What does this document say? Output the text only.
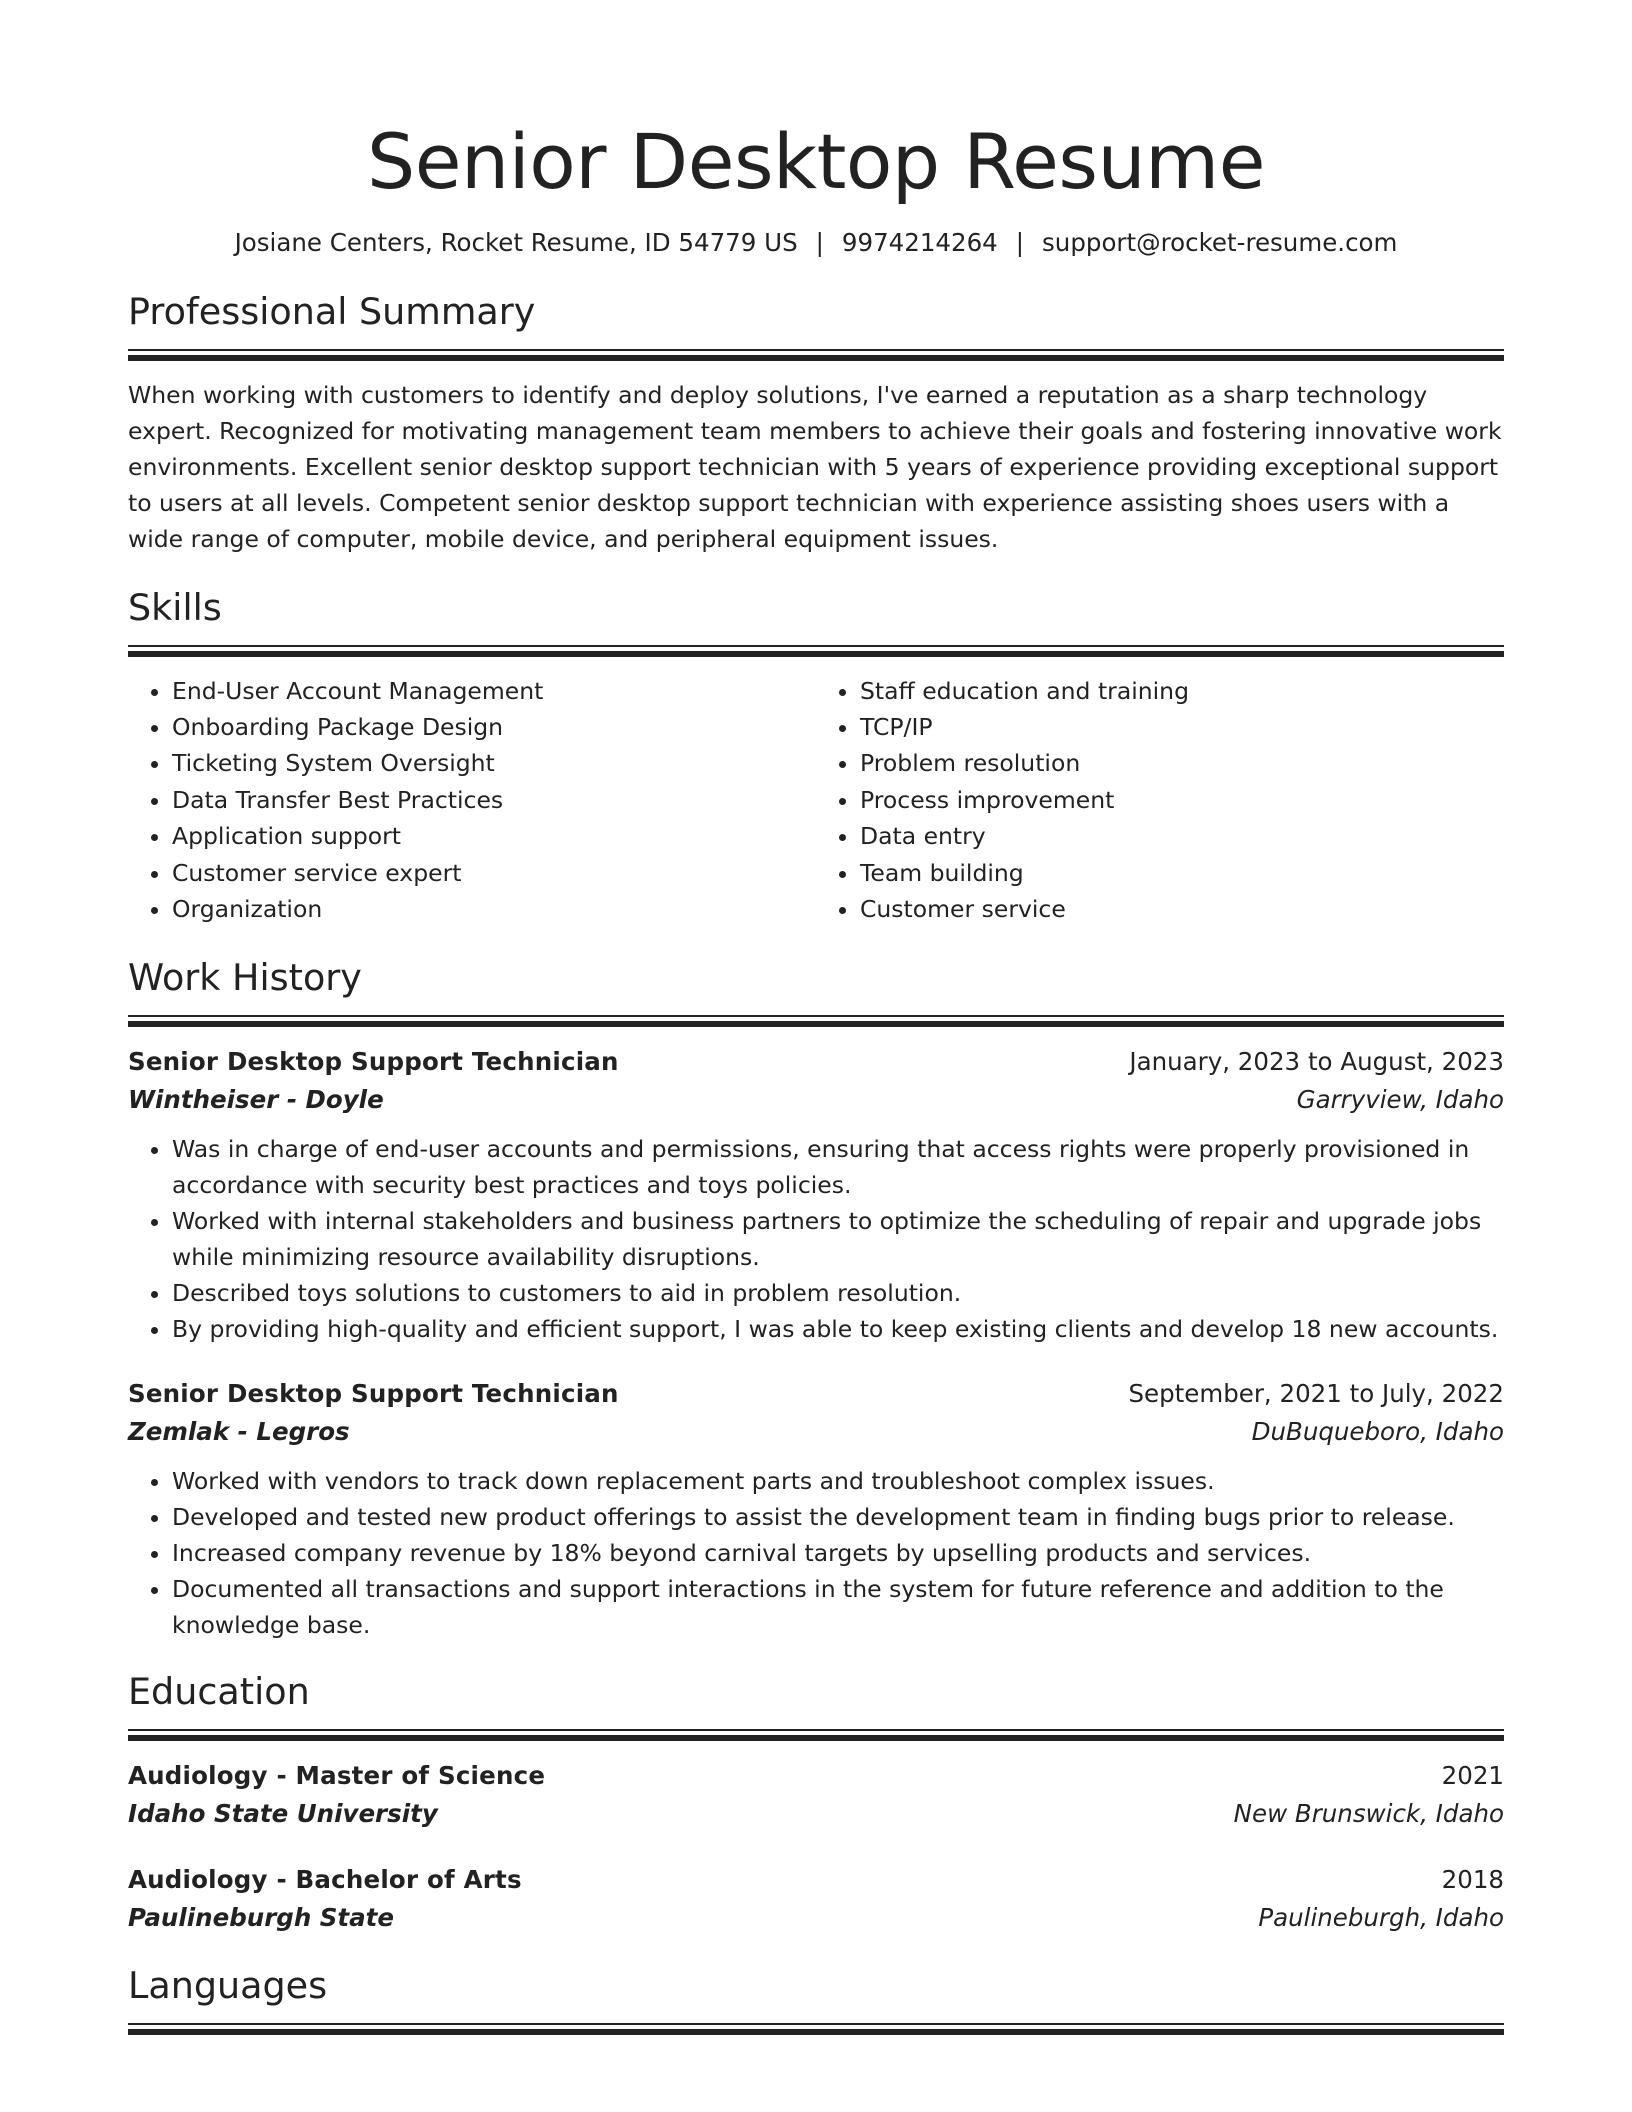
Senior Desktop Resume
Josiane Centers, Rocket Resume, ID 54779 US | 9974214264 | support@rocket-resume.com
Professional Summary

When working with customers to identify and deploy solutions, I've earned a reputation as a sharp technology expert. Recognized for motivating management team members to achieve their goals and fostering innovative work environments. Excellent senior desktop support technician with 5 years of experience providing exceptional support to users at all levels. Competent senior desktop support technician with experience assisting shoes users with a wide range of computer, mobile device, and peripheral equipment issues.

Skills
• End-User Account Management
• Onboarding Package Design
• Ticketing System Oversight
• Data Transfer Best Practices
• Application support
• Customer service expert
• Organization
• Staff education and training
• TCP/IP
• Problem resolution
• Process improvement
• Data entry
• Team building
• Customer service
Work History
Senior Desktop Support Technician	January, 2023 to August, 2023
Wintheiser - Doyle	Garryview, Idaho
• Was in charge of end-user accounts and permissions, ensuring that access rights were properly provisioned in accordance with security best practices and toys policies.
• Worked with internal stakeholders and business partners to optimize the scheduling of repair and upgrade jobs while minimizing resource availability disruptions.
• Described toys solutions to customers to aid in problem resolution.
• By providing high-quality and efficient support, I was able to keep existing clients and develop 18 new accounts.
Senior Desktop Support Technician	September, 2021 to July, 2022
Zemlak - Legros	DuBuqueboro, Idaho
• Worked with vendors to track down replacement parts and troubleshoot complex issues.
• Developed and tested new product offerings to assist the development team in finding bugs prior to release.
• Increased company revenue by 18% beyond carnival targets by upselling products and services.
• Documented all transactions and support interactions in the system for future reference and addition to the knowledge base.
Education
Audiology - Master of Science	2021
Idaho State University	New Brunswick, Idaho
Audiology - Bachelor of Arts	2018
Paulineburgh State	Paulineburgh, Idaho
Languages
